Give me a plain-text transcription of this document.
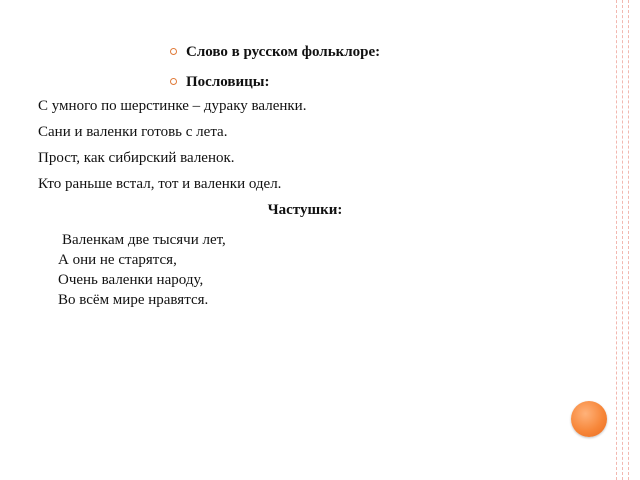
Слово в русском фольклоре:
Пословицы:
С умного по шерстинке – дураку валенки.
Сани и валенки готовь с лета.
Прост, как сибирский валенок.
Кто раньше встал, тот и валенки одел.
Частушки:
Валенкам две тысячи лет,
А они не старятся,
Очень валенки народу,
Во всём мире нравятся.
